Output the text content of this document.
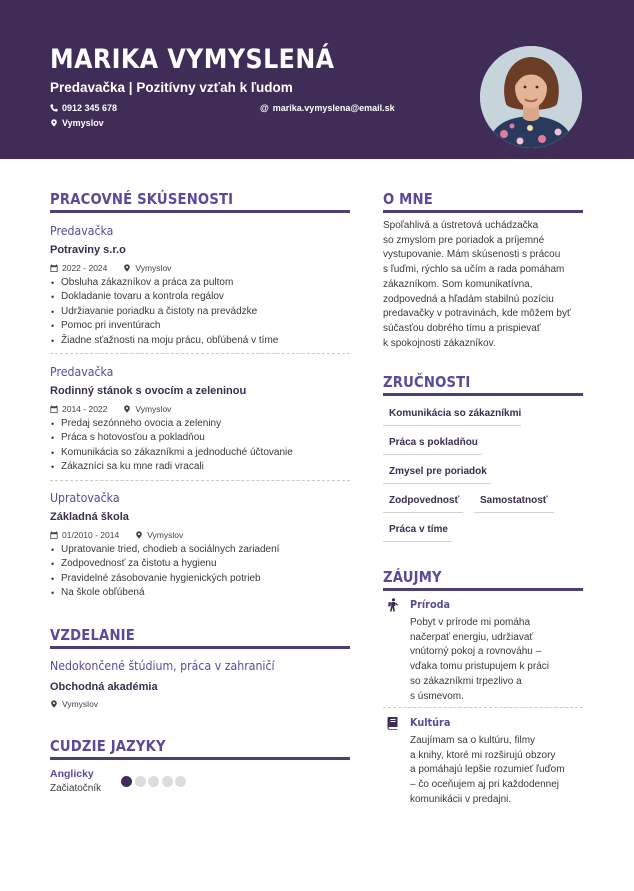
MARIKA VYMYSLENÁ
Predavačka | Pozitívny vzťah k ľudom
0912 345 678	@ marika.vymyslena@email.sk
Vymyslov
PRACOVNÉ SKÚSENOSTI
Predavačka
Potraviny s.r.o
2022 - 2024	Vymyslov
• Obsluha zákazníkov a práca za pultom
• Dokladanie tovaru a kontrola regálov
• Udržiavanie poriadku a čistoty na prevádzke
• Pomoc pri inventúrach
• Žiadne sťažnosti na moju prácu, obľúbená v tíme
Predavačka
Rodinný stánok s ovocím a zeleninou
2014 - 2022	Vymyslov
• Predaj sezónneho ovocia a zeleniny
• Práca s hotovosťou a pokladňou
• Komunikácia so zákazníkmi a jednoduché účtovanie
• Zákazníci sa ku mne radi vracali
Upratovačka
Základná škola
01/2010 - 2014	Vymyslov
• Upratovanie tried, chodieb a sociálnych zariadení
• Zodpovednosť za čistotu a hygienu
• Pravidelné zásobovanie hygienických potrieb
• Na škole obľúbená
VZDELANIE
Nedokončené štúdium, práca v zahraničí
Obchodná akadémia
Vymyslov
CUDZIE JAZYKY
Anglicky
Začiatočník
O MNE
Spoľahlivá a ústretová uchádzačka
so zmyslom pre poriadok a príjemné
vystupovanie. Mám skúsenosti s prácou
s ľuďmi, rýchlo sa učím a rada pomáham
zákazníkom. Som komunikatívna,
zodpovedná a hľadám stabilnú pozíciu
predavačky v potravinách, kde môžem byť
súčasťou dobrého tímu a prispievať
k spokojnosti zákazníkov.
ZRUČNOSTI
Komunikácia so zákazníkmi
Práca s pokladňou
Zmysel pre poriadok
Zodpovednosť	Samostatnosť
Práca v tíme
ZÁUJMY
Príroda
Pobyt v prírode mi pomáha
načerpať energiu, udržiavať
vnútorný pokoj a rovnováhu –
vďaka tomu pristupujem k práci
so zákazníkmi trpezlivo a
s úsmevom.
Kultúra
Zaujímam sa o kultúru, filmy
a knihy, ktoré mi rozširujú obzory
a pomáhajú lepšie rozumieť ľuďom
– čo oceňujem aj pri každodennej
komunikácii v predajni.
